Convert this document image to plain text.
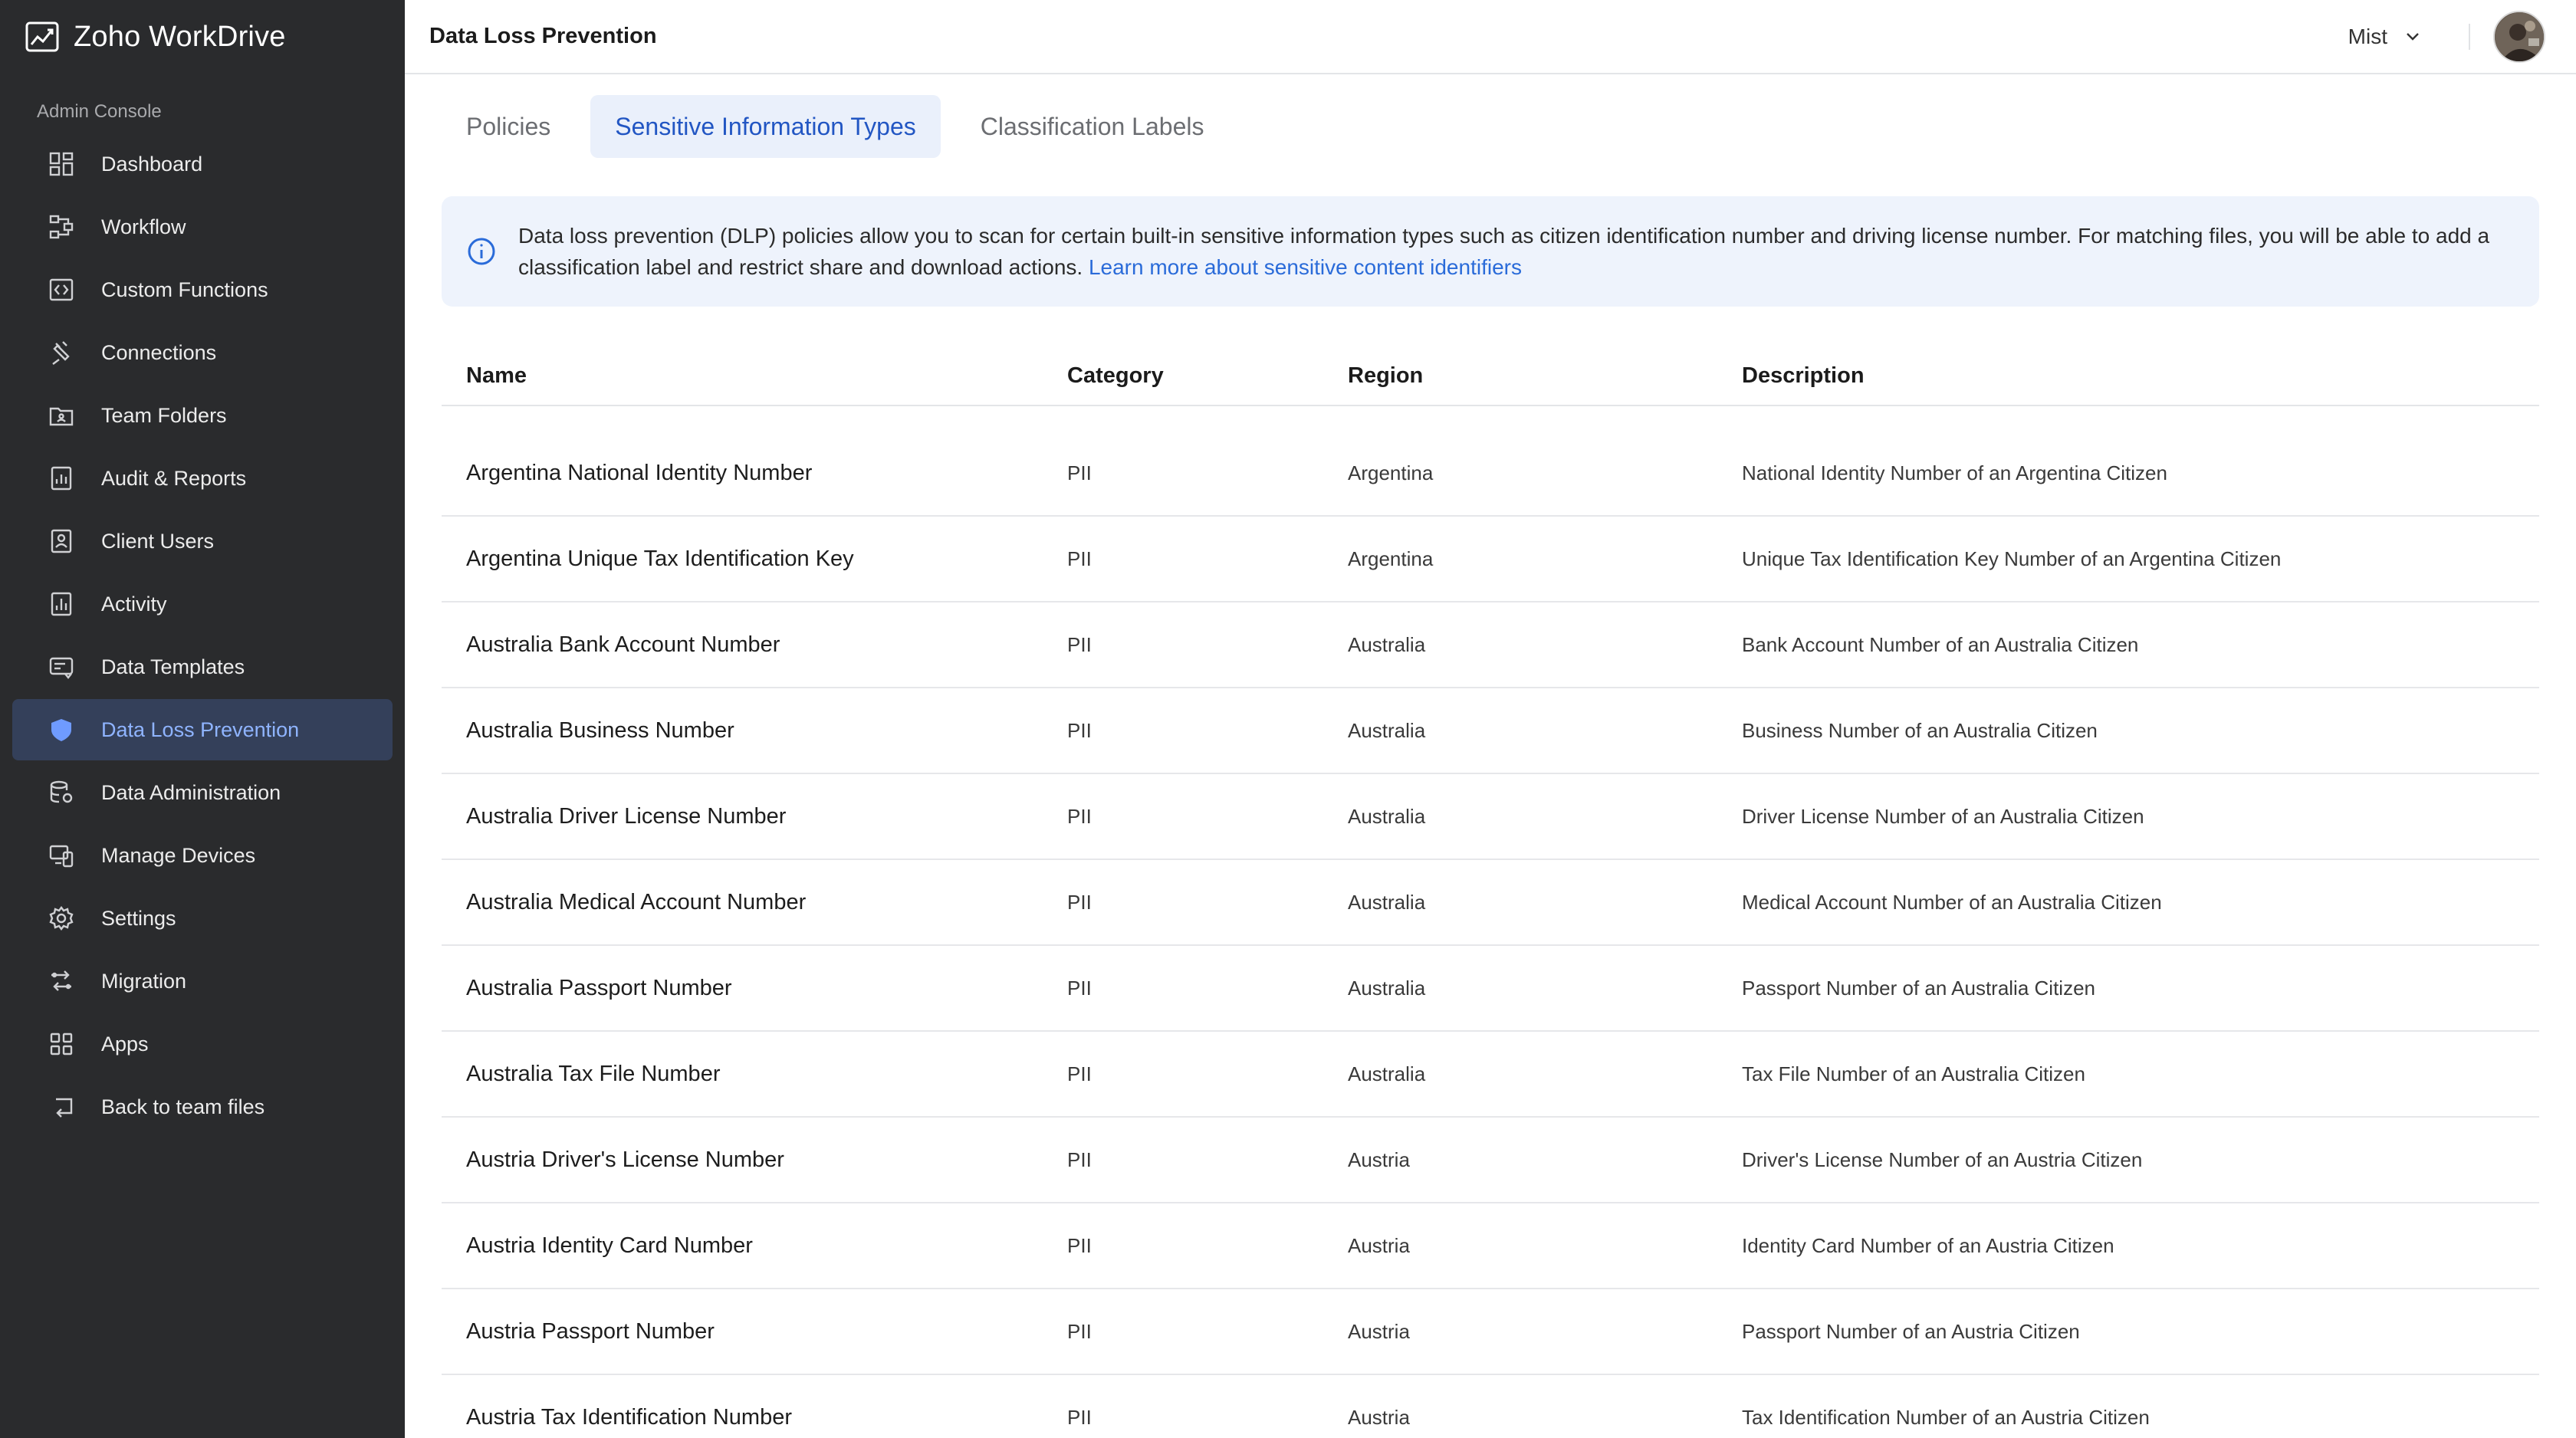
Zoho WorkDrive
Admin Console
Dashboard
Workflow
Custom Functions
Connections
Team Folders
Audit & Reports
Client Users
Activity
Data Templates
Data Loss Prevention
Data Administration
Manage Devices
Settings
Migration
Apps
Back to team files
Data Loss Prevention	Mist
Policies	Sensitive Information Types	Classification Labels

Data loss prevention (DLP) policies allow you to scan for certain built-in sensitive information types such as citizen identification number and driving license number. For matching files, you will be able to add a classification label and restrict share and download actions. Learn more about sensitive content identifiers

Name	Category	Region	Description
Argentina National Identity Number	PII	Argentina	National Identity Number of an Argentina Citizen
Argentina Unique Tax Identification Key	PII	Argentina	Unique Tax Identification Key Number of an Argentina Citizen
Australia Bank Account Number	PII	Australia	Bank Account Number of an Australia Citizen
Australia Business Number	PII	Australia	Business Number of an Australia Citizen
Australia Driver License Number	PII	Australia	Driver License Number of an Australia Citizen
Australia Medical Account Number	PII	Australia	Medical Account Number of an Australia Citizen
Australia Passport Number	PII	Australia	Passport Number of an Australia Citizen
Australia Tax File Number	PII	Australia	Tax File Number of an Australia Citizen
Austria Driver's License Number	PII	Austria	Driver's License Number of an Austria Citizen
Austria Identity Card Number	PII	Austria	Identity Card Number of an Austria Citizen
Austria Passport Number	PII	Austria	Passport Number of an Austria Citizen
Austria Tax Identification Number	PII	Austria	Tax Identification Number of an Austria Citizen
